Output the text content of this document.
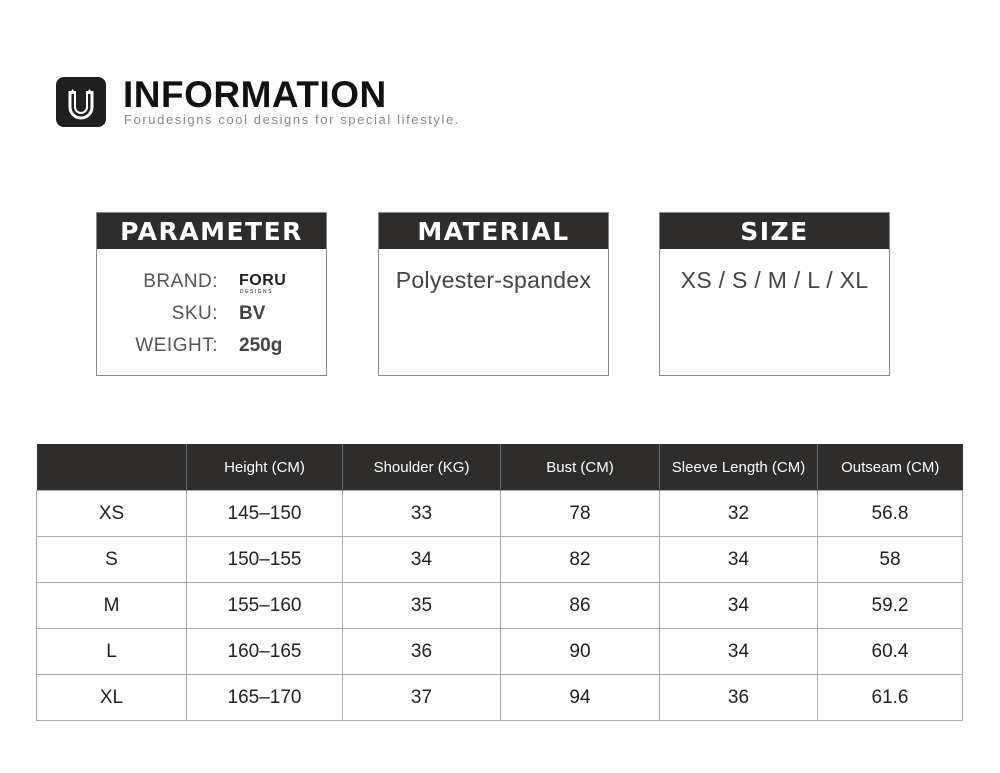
INFORMATION
Forudesigns cool designs for special lifestyle.
PARAMETER
BRAND: FORU
DESIGNS
SKU: BV
WEIGHT: 250g
MATERIAL
Polyester-spandex
SIZE
XS / S / M / L / XL
	Height (CM)	Shoulder (KG)	Bust (CM)	Sleeve Length (CM)	Outseam (CM)
XS	145–150	33	78	32	56.8
S	150–155	34	82	34	58
M	155–160	35	86	34	59.2
L	160–165	36	90	34	60.4
XL	165–170	37	94	36	61.6
